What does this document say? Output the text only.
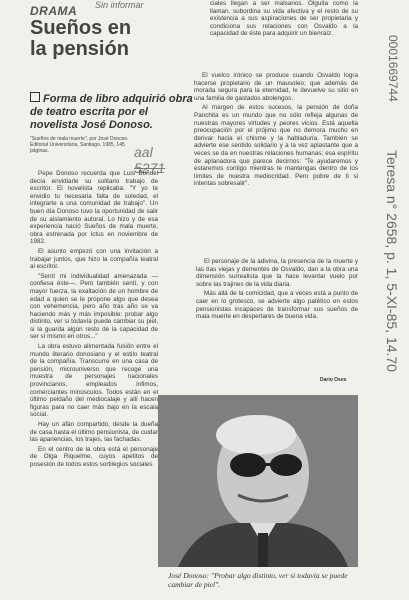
Sin informar
DRAMA
Sueños en
la pensión
Forma de libro adquirió obra de teatro escrita por el novelista José Donoso.
"Sueños de mala muerte", por José Donoso. Editorial Universitaria, Santiago, 1985, 145 páginas.	aal
5271

Pepe Donoso recuerda que Luis Buñuel decía envidiarle su solitario trabajo de escritor. El novelista replicaba: "Y yo te envidio tu necesaria falta de soledad, el integrarte a una comunidad de trabajo". Un buen día Donoso tuvo la oportunidad de salir de su aislamiento autoral. Lo hizo y de esa experiencia nació Sueños de mala muerte, obra estrenada por Ictus en noviembre de 1982.

El asunto empezó con una invitación a trabajar juntos, que hizo la compañía teatral al escritor.

"Sentí mi individualidad amenazada —confiesa éste—. Pero también sentí, y con mayor fuerza, la exaltación de un hombre de edad a quien se le propone algo que desea con vehemencia, pero año tras año se va haciendo más y más imposible: probar algo distinto, ver si todavía puede cambiar su piel, si la guarda algún resto de la capacidad de ser sí mismo en otros..."

La obra estuvo alimentada fusión entre el mundo literario donosiano y el estilo teatral de la compañía. Transcurre en una casa de pensión, microuniverso que recoge una muestra de personajes nacionales provincianos, empleados ínfimos, comerciantes minúsculos. Todos están en el último peldaño del mediocalaje y allí hacen figuras para no caer más bajo en la escala social.

Hay un afán compartido, desde la dueña de casa hasta el último pensionista, de cuidar las apariencias, los trajes, las fachadas.

En el centro de la obra está el personaje de Olga Riquelme, cuyos apetitos de posesión de todos estos sortilegios sociales

ciales llegan a ser malsanos. Olguita como la llaman, subordina su vida afectiva y el resto de su existencia a sus aspiraciones de ser propietaria y condiciona sus relaciones con Osvaldo a la capacidad de éste para adquirir un bienraíz.

El vuelco irónico se produce cuando Osvaldo logra hacerse propietario de un mausoleo; que además de morada segura para la eternidad, le devuelve su sitio en una familia de gastados abolengos.

Al margen de estos sucesos, la pensión de doña Panchita es un mundo que no sólo refleja algunas de nuestras mayores virtudes y peores vicios. Está aquella preocupación por el prójimo que no demora mucho en derivar hacia el chisme y la habladuría. También se advierte ese sentido solidario y a la vez aplastante que a veces se da en nuestras relaciones humanas; esa espíritu de aplanadora que parece decirnos: "Te ayudaremos y estaremos contigo mientras te mantengas dentro de los límites de nuestra mediocridad. Pero pobre de ti si intentas sobresalir".

El personaje de la adivina, la presencia de la muerte y las tías viejas y dementes de Osvaldo, dan a la obra una dimensión surrealista que la hace levantar vuelo por sobre las trajines de la vida diaria.

Más allá de la comicidad, que a veces está a punto de caer en lo grotesco, se advierte algo patético en estos pensionistas incapaces de transformar sus sueños de mala muerte en despertares de buena vida.

Darío Oses
José Donoso: "Probar algo distinto, ver si todavía se puede cambiar de piel".
0001669744
Teresa n° 2658, p. 1, 5-XI-85, 14.70
